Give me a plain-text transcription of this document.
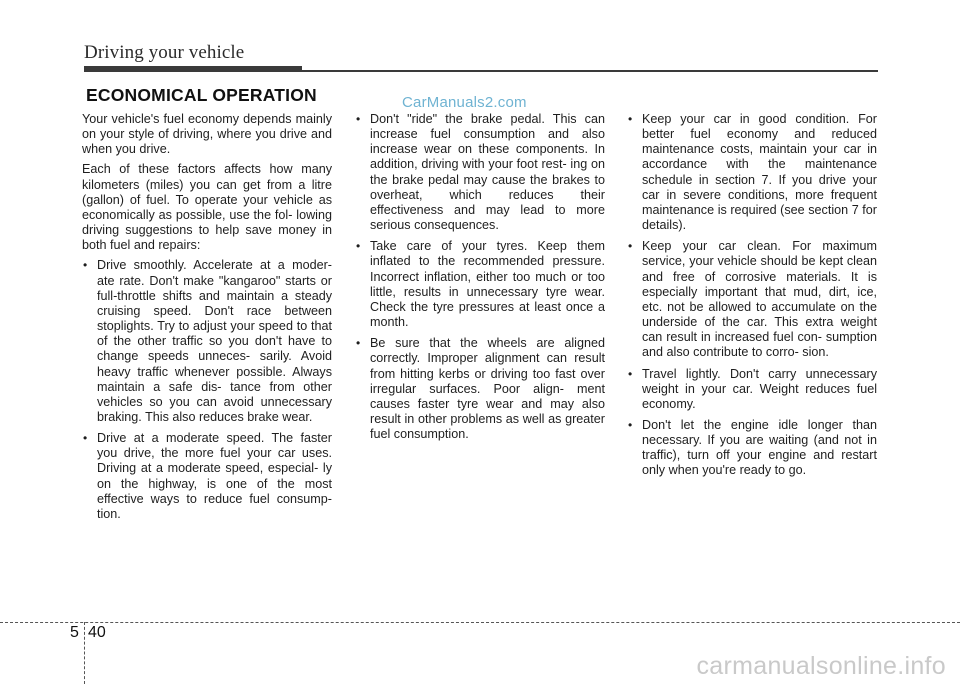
Driving your vehicle
ECONOMICAL OPERATION	CarManuals2.com

Your vehicle's fuel economy depends mainly on your style of driving, where you drive and when you drive.

Each of these factors affects how many kilometers (miles) you can get from a litre (gallon) of fuel. To operate your vehicle as economically as possible, use the fol- lowing driving suggestions to help save money in both fuel and repairs:

• Drive smoothly. Accelerate at a moder- ate rate. Don't make "kangaroo" starts or full-throttle shifts and maintain a steady cruising speed. Don't race between stoplights. Try to adjust your speed to that of the other traffic so you don't have to change speeds unneces- sarily. Avoid heavy traffic whenever possible. Always maintain a safe dis- tance from other vehicles so you can avoid unnecessary braking. This also reduces brake wear.
• Drive at a moderate speed. The faster you drive, the more fuel your car uses. Driving at a moderate speed, especial- ly on the highway, is one of the most effective ways to reduce fuel consump- tion.
• Don't "ride" the brake pedal. This can increase fuel consumption and also increase wear on these components. In addition, driving with your foot rest- ing on the brake pedal may cause the brakes to overheat, which reduces their effectiveness and may lead to more serious consequences.
• Take care of your tyres. Keep them inflated to the recommended pressure. Incorrect inflation, either too much or too little, results in unnecessary tyre wear. Check the tyre pressures at least once a month.
• Be sure that the wheels are aligned correctly. Improper alignment can result from hitting kerbs or driving too fast over irregular surfaces. Poor align- ment causes faster tyre wear and may also result in other problems as well as greater fuel consumption.
• Keep your car in good condition. For better fuel economy and reduced maintenance costs, maintain your car in accordance with the maintenance schedule in section 7. If you drive your car in severe conditions, more frequent maintenance is required (see section 7 for details).
• Keep your car clean. For maximum service, your vehicle should be kept clean and free of corrosive materials. It is especially important that mud, dirt, ice, etc. not be allowed to accumulate on the underside of the car. This extra weight can result in increased fuel con- sumption and also contribute to corro- sion.
• Travel lightly. Don't carry unnecessary weight in your car. Weight reduces fuel economy.
• Don't let the engine idle longer than necessary. If you are waiting (and not in traffic), turn off your engine and restart only when you're ready to go.
5 40
carmanualsonline.info
